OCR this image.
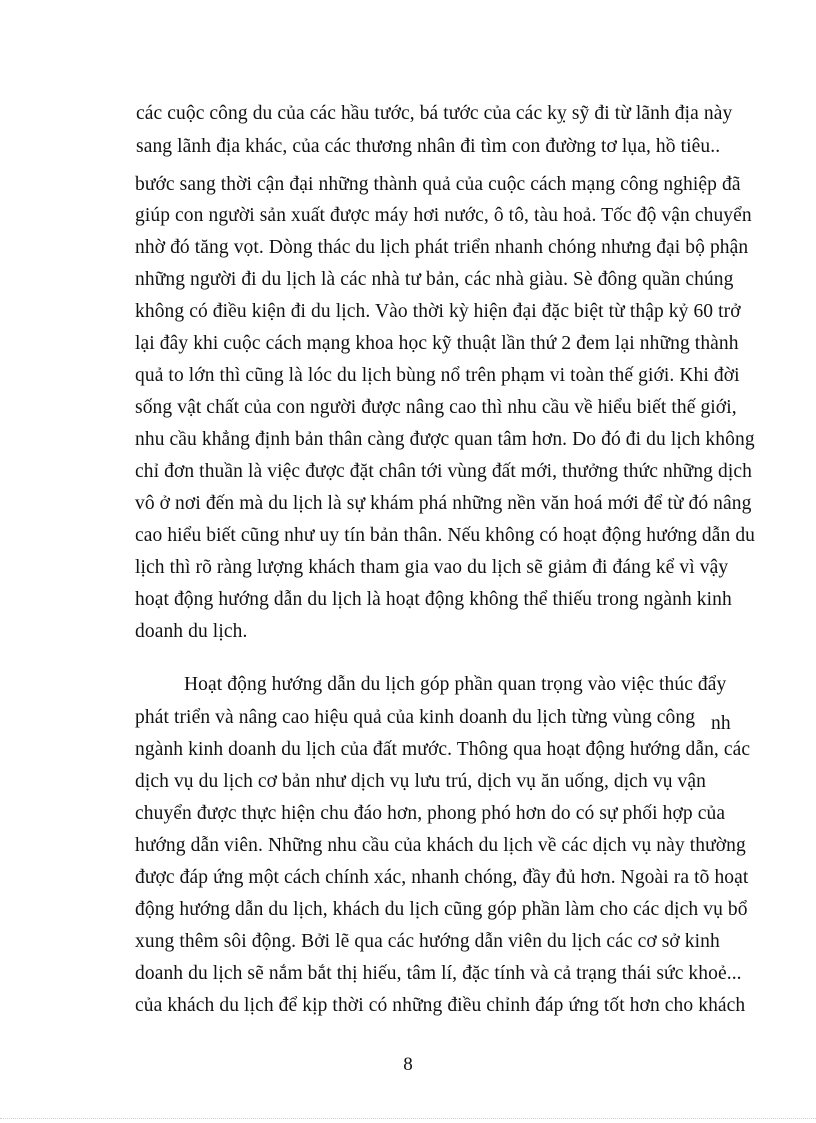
các cuộc công du của các hầu tước, bá tước của các kỵ sỹ đi từ lãnh địa này
sang lãnh địa khác, của các thương nhân đi tìm con đường tơ lụa, hồ tiêu..
bước sang thời cận đại những thành quả của cuộc cách mạng công nghiệp đã
giúp con người sản xuất được máy hơi nước, ô tô, tàu hoả. Tốc độ vận chuyển
nhờ đó tăng vọt. Dòng thác du lịch phát triển nhanh chóng nhưng đại bộ phận
những người đi du lịch là các nhà tư bản, các nhà giàu. Sè đông quần chúng
không có điều kiện đi du lịch. Vào thời kỳ hiện đại đặc biệt từ thập kỷ 60 trở
lại đây khi cuộc cách mạng khoa học kỹ thuật lần thứ 2 đem lại những thành
quả to lớn thì cũng là lóc du lịch bùng nổ trên phạm vi toàn thế giới. Khi đời
sống vật chất của con người được nâng cao thì nhu cầu về hiểu biết thế giới,
nhu cầu khẳng định bản thân càng được quan tâm hơn. Do đó đi du lịch không
chỉ đơn thuần là việc được đặt chân tới vùng đất mới, thưởng thức những dịch
vô ở nơi đến mà du lịch là sự khám phá những nền văn hoá mới để từ đó nâng
cao hiểu biết cũng như uy tín bản thân. Nếu không có hoạt động hướng dẫn du
lịch thì rõ ràng lượng khách tham gia vao du lịch sẽ giảm đi đáng kể vì vậy
hoạt động hướng dẫn du lịch là hoạt động không thể thiếu trong ngành kinh
doanh du lịch.
Hoạt động hướng dẫn du lịch góp phần quan trọng vào việc thúc đẩy
phát triển và nâng cao hiệu quả của kinh doanh du lịch từng vùng công nh
ngành kinh doanh du lịch của đất mước. Thông qua hoạt động hướng dẫn, các
dịch vụ du lịch cơ bản như dịch vụ lưu trú, dịch vụ ăn uống, dịch vụ vận
chuyển được thực hiện chu đáo hơn, phong phó hơn do có sự phối hợp của
hướng dẫn viên. Những nhu cầu của khách du lịch về các dịch vụ này thường
được đáp ứng một cách chính xác, nhanh chóng, đầy đủ hơn. Ngoài ra tõ hoạt
động hướng dẫn du lịch, khách du lịch cũng góp phần làm cho các dịch vụ bổ
xung thêm sôi động. Bởi lẽ qua các hướng dẫn viên du lịch các cơ sở kinh
doanh du lịch sẽ nắm bắt thị hiếu, tâm lí, đặc tính và cả trạng thái sức khoẻ...
của khách du lịch để kịp thời có những điều chỉnh đáp ứng tốt hơn cho khách
8
